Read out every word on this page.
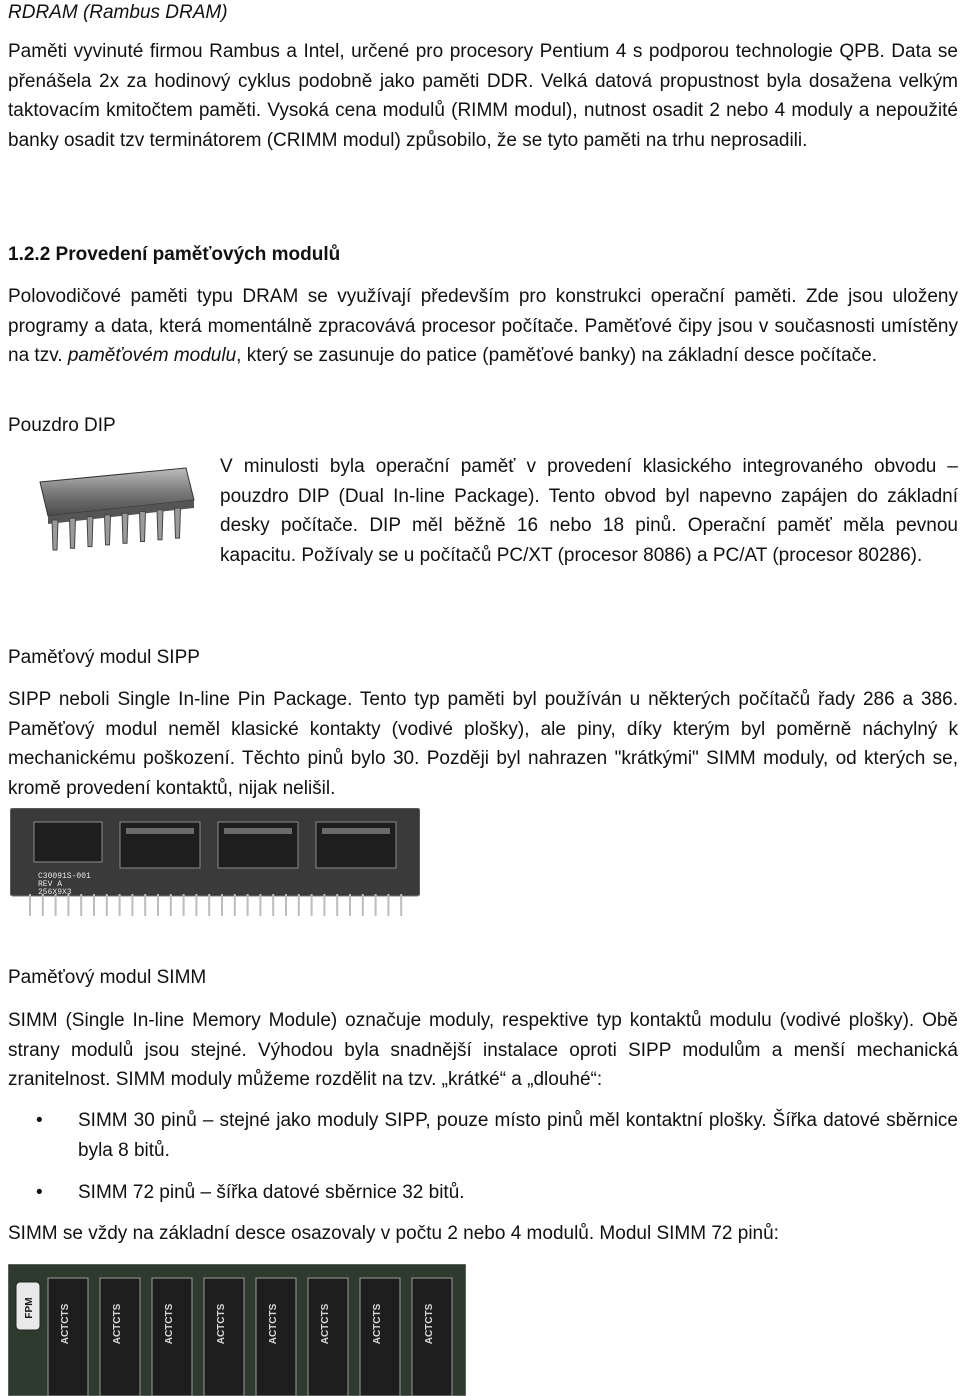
RDRAM (Rambus DRAM)
Paměti vyvinuté firmou Rambus a Intel, určené pro procesory Pentium 4 s podporou technologie QPB. Data se přenášela 2x za hodinový cyklus podobně jako paměti DDR. Velká datová propustnost byla dosažena velkým taktovacím kmitočtem paměti. Vysoká cena modulů (RIMM modul), nutnost osadit 2 nebo 4 moduly a nepoužité banky osadit tzv terminátorem (CRIMM modul) způsobilo, že se tyto paměti na trhu neprosadili.
1.2.2 Provedení paměťových modulů
Polovodičové paměti typu DRAM se využívají především pro konstrukci operační paměti. Zde jsou uloženy programy a data, která momentálně zpracovává procesor počítače. Paměťové čipy jsou v současnosti umístěny na tzv. paměťovém modulu, který se zasunuje do patice (paměťové banky) na základní desce počítače.
Pouzdro DIP
V minulosti byla operační paměť v provedení klasického integrovaného obvodu – pouzdro DIP (Dual In-line Package). Tento obvod byl napevno zapájen do základní desky počítače. DIP měl běžně 16 nebo 18 pinů. Operační paměť měla pevnou kapacitu. Požívaly se u počítačů PC/XT (procesor 8086) a PC/AT (procesor 80286).
Paměťový modul SIPP
SIPP neboli Single In-line Pin Package. Tento typ paměti byl používán u některých počítačů řady 286 a 386. Paměťový modul neměl klasické kontakty (vodivé plošky), ale piny, díky kterým byl poměrně náchylný k mechanickému poškození. Těchto pinů bylo 30. Později byl nahrazen "krátkými" SIMM moduly, od kterých se, kromě provedení kontaktů, nijak nelišil.
C30091S-001
REV A
256X9X3
Paměťový modul SIMM
SIMM (Single In-line Memory Module) označuje moduly, respektive typ kontaktů modulu (vodivé plošky). Obě strany modulů jsou stejné. Výhodou byla snadnější instalace oproti SIPP modulům a menší mechanická zranitelnost. SIMM moduly můžeme rozdělit na tzv. „krátké“ a „dlouhé“:
• SIMM 30 pinů – stejné jako moduly SIPP, pouze místo pinů měl kontaktní plošky. Šířka datové sběrnice byla 8 bitů.
• SIMM 72 pinů – šířka datové sběrnice 32 bitů.
SIMM se vždy na základní desce osazovaly v počtu 2 nebo 4 modulů. Modul SIMM 72 pinů:
FPM	ACTCTS	ACTCTS	ACTCTS	ACTCTS	ACTCTS	ACTCTS	ACTCTS	ACTCTS
